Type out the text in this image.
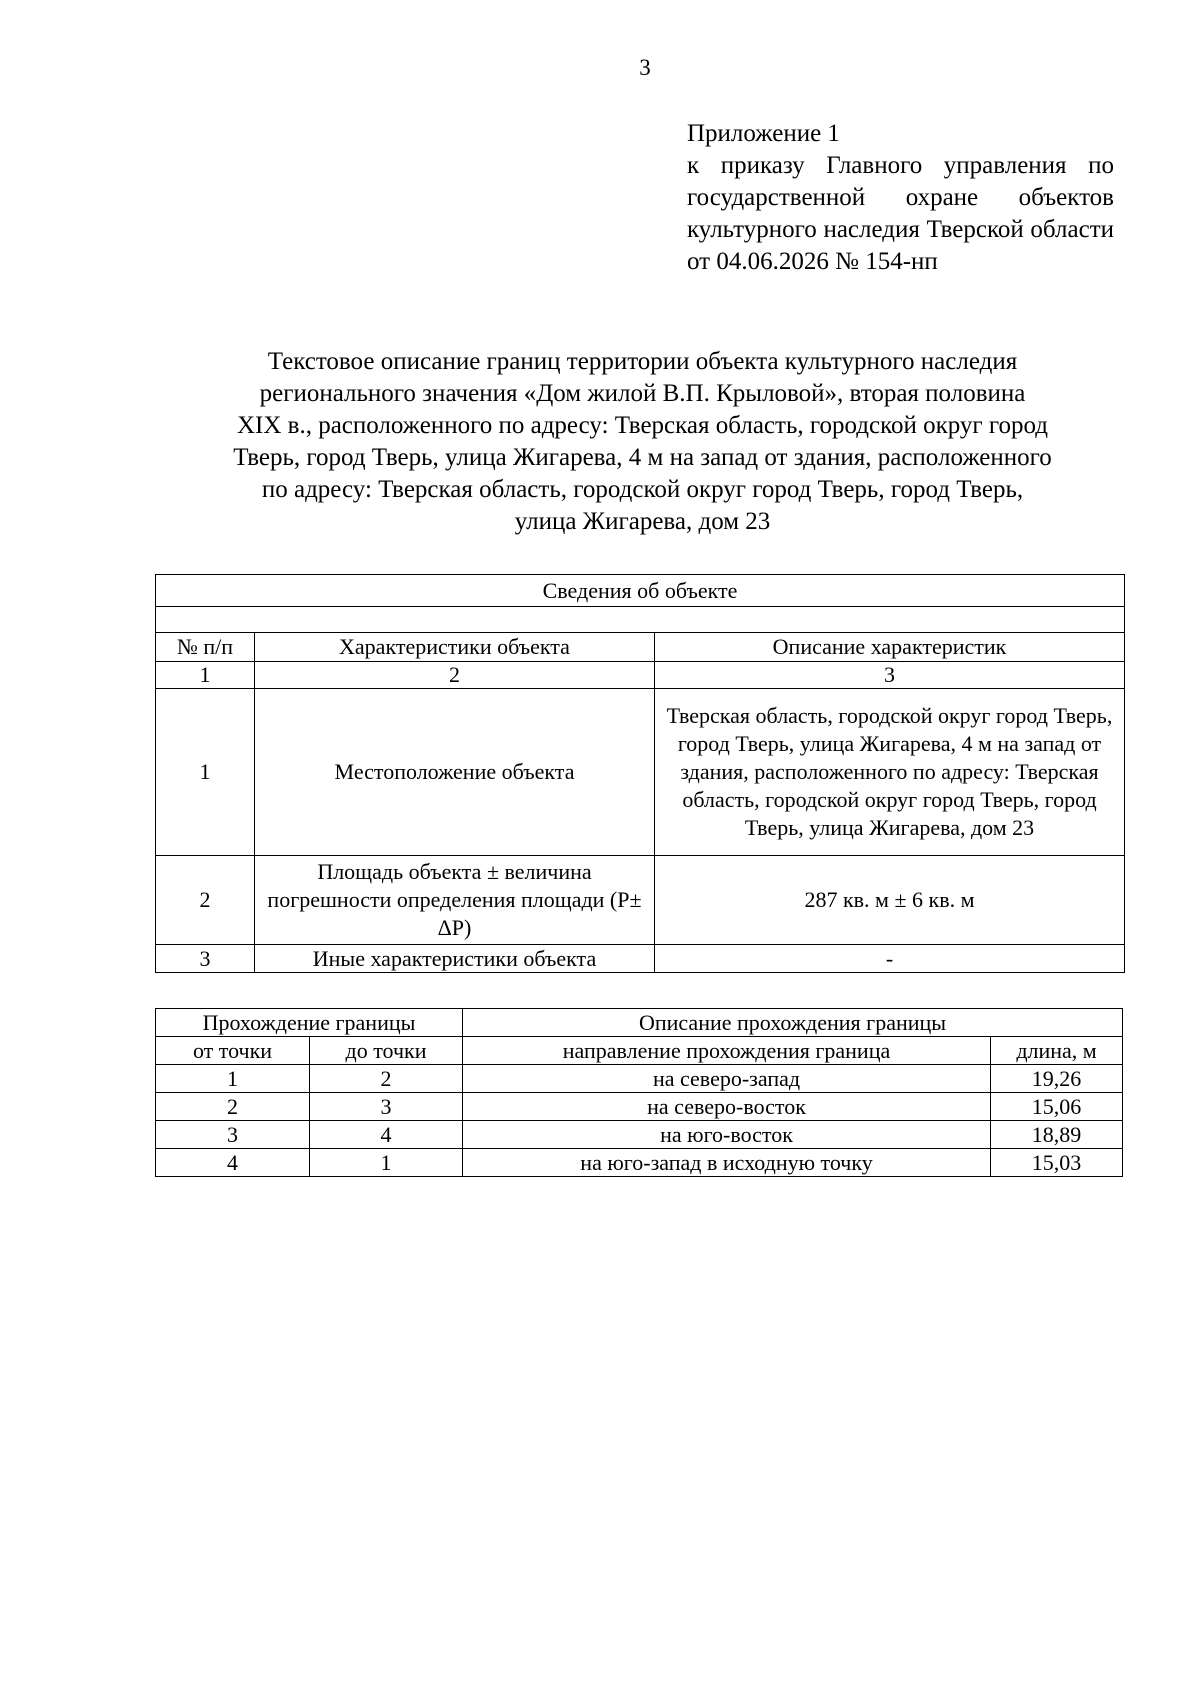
3
Приложение 1
к приказу Главного управления по государственной охране объектов культурного наследия Тверской области от 04.06.2026 № 154-нп
Текстовое описание границ территории объекта культурного наследия
регионального значения «Дом жилой В.П. Крыловой», вторая половина
XIX в., расположенного по адресу: Тверская область, городской округ город
Тверь, город Тверь, улица Жигарева, 4 м на запад от здания, расположенного
по адресу: Тверская область, городской округ город Тверь, город Тверь,
улица Жигарева, дом 23
Сведения об объекте		

№ п/п	Характеристики объекта	Описание характеристик
1	2	3
1	Местоположение объекта	Тверская область, городской округ город Тверь, город Тверь, улица Жигарева, 4 м на запад от здания, расположенного по адресу: Тверская область, городской округ город Тверь, город Тверь, улица Жигарева, дом 23
2	Площадь объекта ± величина погрешности определения площади (P± ΔP)	287 кв. м ± 6 кв. м
3	Иные характеристики объекта	-
Прохождение границы		Описание прохождения границы	
от точки	до точки	направление прохождения граница	длина, м
1	2	на северо-запад	19,26
2	3	на северо-восток	15,06
3	4	на юго-восток	18,89
4	1	на юго-запад в исходную точку	15,03
